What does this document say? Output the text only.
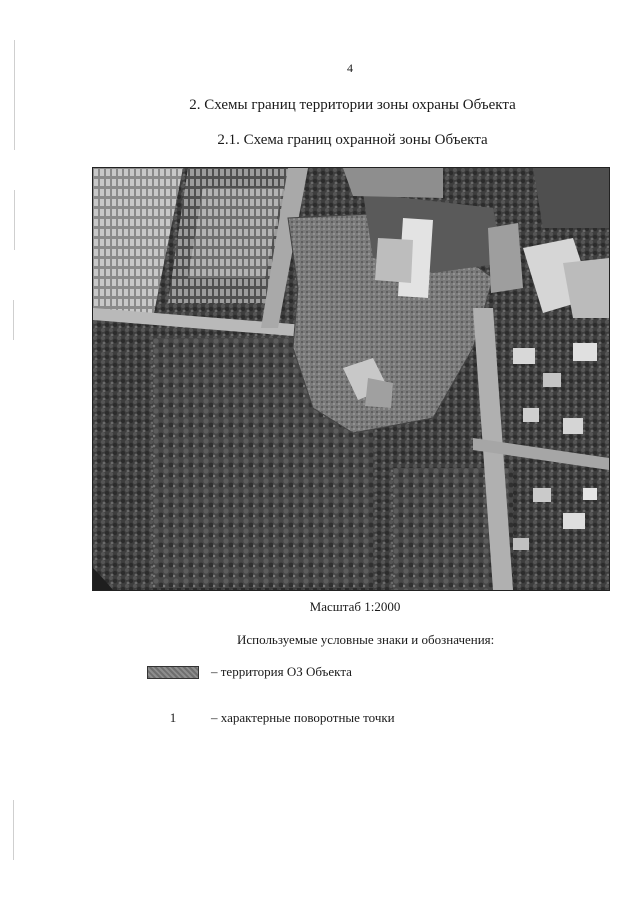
4
2. Схемы границ территории зоны охраны Объекта
2.1. Схема границ охранной зоны Объекта
Масштаб 1:2000
Используемые условные знаки и обозначения:
– территория ОЗ Объекта
1	– характерные поворотные точки
